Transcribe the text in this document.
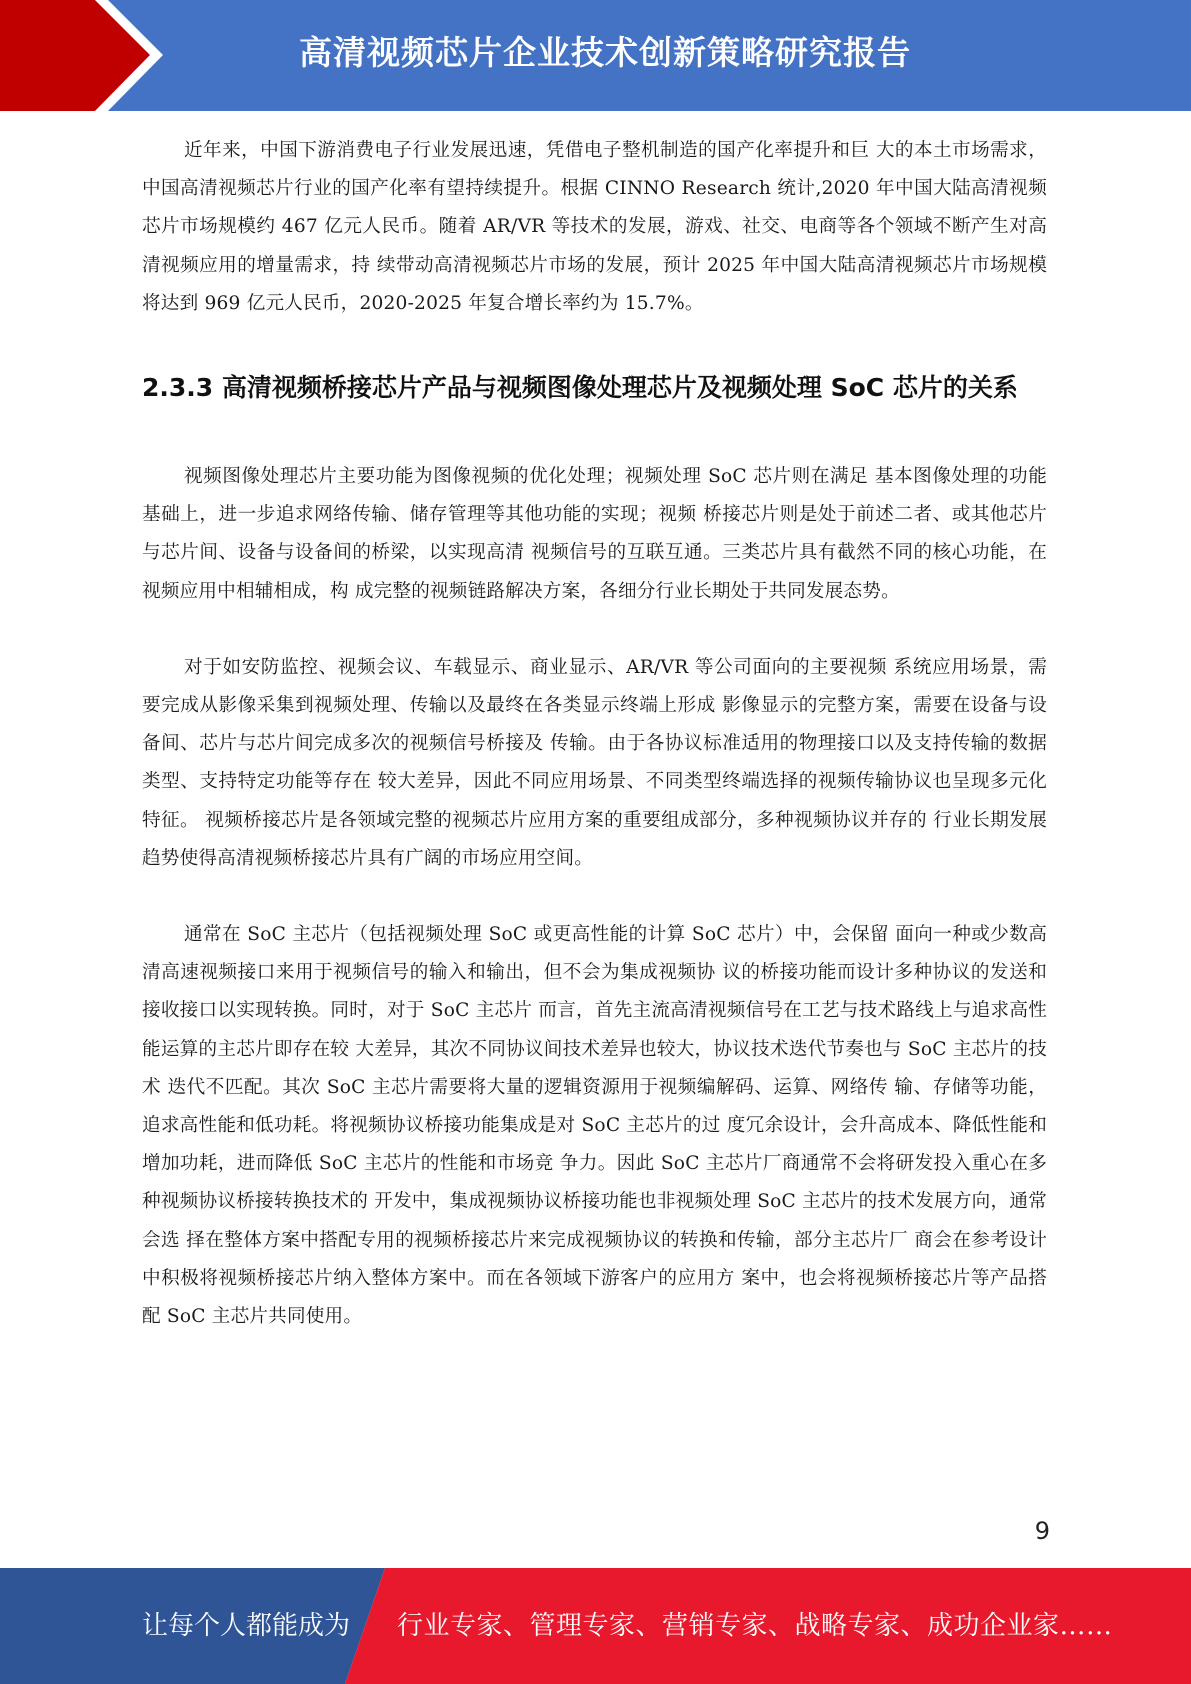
高清视频芯片企业技术创新策略研究报告

近年来，中国下游消费电子行业发展迅速，凭借电子整机制造的国产化率提升和巨 大的本土市场需求，中国高清视频芯片行业的国产化率有望持续提升。根据 CINNO Research 统计,2020 年中国大陆高清视频芯片市场规模约 467 亿元人民币。随着 AR/VR 等技术的发展，游戏、社交、电商等各个领域不断产生对高清视频应用的增量需求，持 续带动高清视频芯片市场的发展，预计 2025 年中国大陆高清视频芯片市场规模将达到 969 亿元人民币，2020-2025 年复合增长率约为 15.7%。

2.3.3 高清视频桥接芯片产品与视频图像处理芯片及视频处理 SoC 芯片的关系

视频图像处理芯片主要功能为图像视频的优化处理；视频处理 SoC 芯片则在满足 基本图像处理的功能基础上，进一步追求网络传输、储存管理等其他功能的实现；视频 桥接芯片则是处于前述二者、或其他芯片与芯片间、设备与设备间的桥梁，以实现高清 视频信号的互联互通。三类芯片具有截然不同的核心功能，在视频应用中相辅相成，构 成完整的视频链路解决方案，各细分行业长期处于共同发展态势。

对于如安防监控、视频会议、车载显示、商业显示、AR/VR 等公司面向的主要视频 系统应用场景，需要完成从影像采集到视频处理、传输以及最终在各类显示终端上形成 影像显示的完整方案，需要在设备与设备间、芯片与芯片间完成多次的视频信号桥接及 传输。由于各协议标准适用的物理接口以及支持传输的数据类型、支持特定功能等存在 较大差异，因此不同应用场景、不同类型终端选择的视频传输协议也呈现多元化特征。 视频桥接芯片是各领域完整的视频芯片应用方案的重要组成部分，多种视频协议并存的 行业长期发展趋势使得高清视频桥接芯片具有广阔的市场应用空间。

通常在 SoC 主芯片（包括视频处理 SoC 或更高性能的计算 SoC 芯片）中，会保留 面向一种或少数高清高速视频接口来用于视频信号的输入和输出，但不会为集成视频协 议的桥接功能而设计多种协议的发送和接收接口以实现转换。同时，对于 SoC 主芯片 而言，首先主流高清视频信号在工艺与技术路线上与追求高性能运算的主芯片即存在较 大差异，其次不同协议间技术差异也较大，协议技术迭代节奏也与 SoC 主芯片的技术 迭代不匹配。其次 SoC 主芯片需要将大量的逻辑资源用于视频编解码、运算、网络传 输、存储等功能，追求高性能和低功耗。将视频协议桥接功能集成是对 SoC 主芯片的过 度冗余设计，会升高成本、降低性能和增加功耗，进而降低 SoC 主芯片的性能和市场竞 争力。因此 SoC 主芯片厂商通常不会将研发投入重心在多种视频协议桥接转换技术的 开发中，集成视频协议桥接功能也非视频处理 SoC 主芯片的技术发展方向，通常会选 择在整体方案中搭配专用的视频桥接芯片来完成视频协议的转换和传输，部分主芯片厂 商会在参考设计中积极将视频桥接芯片纳入整体方案中。而在各领域下游客户的应用方 案中，也会将视频桥接芯片等产品搭配 SoC 主芯片共同使用。

9
让每个人都能成为 行业专家、管理专家、营销专家、战略专家、成功企业家……
